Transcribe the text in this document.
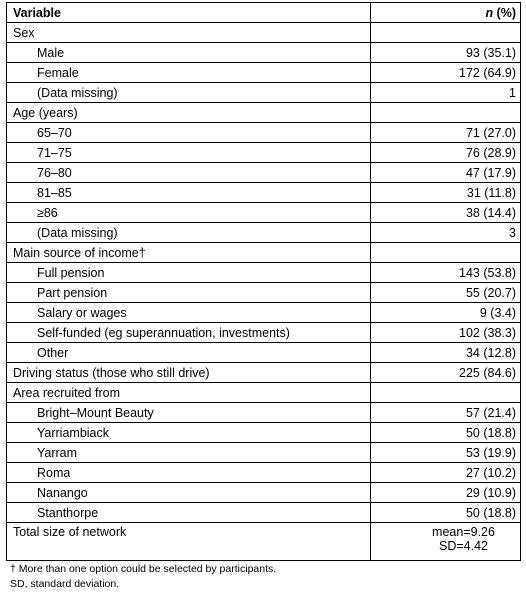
Variable	n (%)
Sex	
Male	93 (35.1)
Female	172 (64.9)
(Data missing)	1
Age (years)	
65–70	71 (27.0)
71–75	76 (28.9)
76–80	47 (17.9)
81–85	31 (11.8)
≥86	38 (14.4)
(Data missing)	3
Main source of income†	
Full pension	143 (53.8)
Part pension	55 (20.7)
Salary or wages	9 (3.4)
Self-funded (eg superannuation, investments)	102 (38.3)
Other	34 (12.8)
Driving status (those who still drive)	225 (84.6)
Area recruited from	
Bright–Mount Beauty	57 (21.4)
Yarriambiack	50 (18.8)
Yarram	53 (19.9)
Roma	27 (10.2)
Nanango	29 (10.9)
Stanthorpe	50 (18.8)
Total size of network	mean=9.26
SD=4.42
† More than one option could be selected by participants.
SD, standard deviation.
